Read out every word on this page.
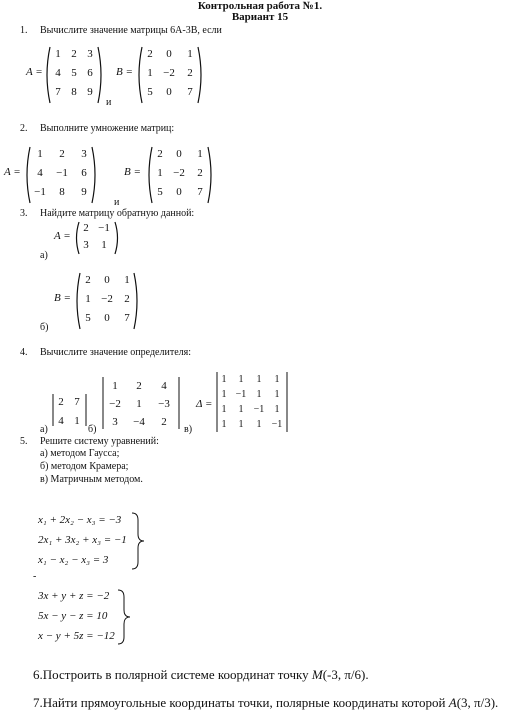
Контрольная работа №1.
Вариант 15
1. Вычислите значение матрицы 6А-3В, если
A =
1 2 3
4 5 6
7 8 9
и
B =
2	0	1
1 −2	2
5	0	7
2. Выполните умножение матриц:
A =
1	2	3
4	−1	6
−1	8	9
и
B =
2	0	1
1 −2	2
5	0	7
3. Найдите матрицу обратную данной:
A =
2 −1
3	1
а)
B =
2	0	1
1 −2	2
5	0	7
б)
4. Вычислите значение определителя:
а)
2 7
4 1
б)
1	2	4
−2	1	−3
3	−4	2
в)
Δ =
1	1	1	1
1 −1	1	1
1	1	−1	1
1	1	1	−1
5. Решите систему уравнений:
а) методом Гаусса;
б) методом Крамера;
в) Матричным методом.
x₁ + 2x₂ − x₃ = −3
2x₁ + 3x₂ + x₃ = −1
x₁ − x₂ − x₃ = 3
-
3x + y + z = −2
5x − y − z = 10
x − y + 5z = −12
6.Построить в полярной системе координат точку M(-3, π/6).
7.Найти прямоугольные координаты точки, полярные координаты которой A(3, π/3).
